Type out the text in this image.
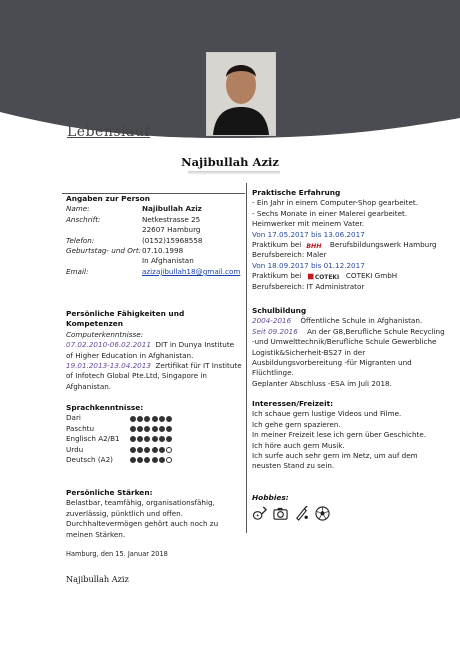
Lebenslauf
Najibullah Aziz
Angaben zur Person
Name:	Najibullah Aziz
Anschrift:	Netkestrasse 25
22607 Hamburg
Telefon:	(0152)15968558
Geburtstag- und Ort: 07.10.1998
In Afghanistan
Email:	azizajibullah18@gmail.com
Persönliche Fähigkeiten und Kompetenzen
Computerkenntnisse:
07.02.2010-06.02.2011 DIT in Dunya Institute of Higher Education in Afghanistan.
19.01.2013-13.04.2013 Zertifikat für IT Institute of Infotech Global Pte.Ltd, Singapore in Afghanistan.
Sprachkenntnisse:
Dari
Paschtu
Englisch A2/B1
Urdu
Deutsch (A2)
Persönliche Stärken:
Belastbar, teamfähig, organisationsfähig, zuverlässig, pünktlich und offen. Durchhaltevermögen gehört auch noch zu meinen Stärken.
Praktische Erfahrung
- Ein Jahr in einem Computer-Shop gearbeitet.
- Sechs Monate in einer Malerei gearbeitet.
Heimwerker mit meinem Vater.
Von 17.05.2017 bis 13.06.2017
Praktikum bei BHH Berufsbildungswerk Hamburg
Berufsbereich: Maler
Von 18.09.2017 bis 01.12.2017
Praktikum bei COTEKI COTEKI GmbH
Berufsbereich: IT Administrator
Schulbildung
2004-2016 Öffentliche Schule in Afghanistan.
Seit 09.2016 An der G8,Berufliche Schule Recycling -und Umwelttechnik/Berufliche Schule Gewerbliche Logistik&Sicherheit-BS27 in der Ausbildungsvorbereitung -für Migranten und Flüchtlinge.
Geplanter Abschluss -ESA im Juli 2018.
Interessen/Freizeit:
Ich schaue gern lustige Videos und Filme.
Ich gehe gern spazieren.
In meiner Freizeit lese ich gern über Geschichte.
Ich höre auch gern Musik.
Ich surfe auch sehr gern im Netz, um auf dem neusten Stand zu sein.
Hobbies:
Hamburg, den 15. Januar 2018
Najibullah Aziz
